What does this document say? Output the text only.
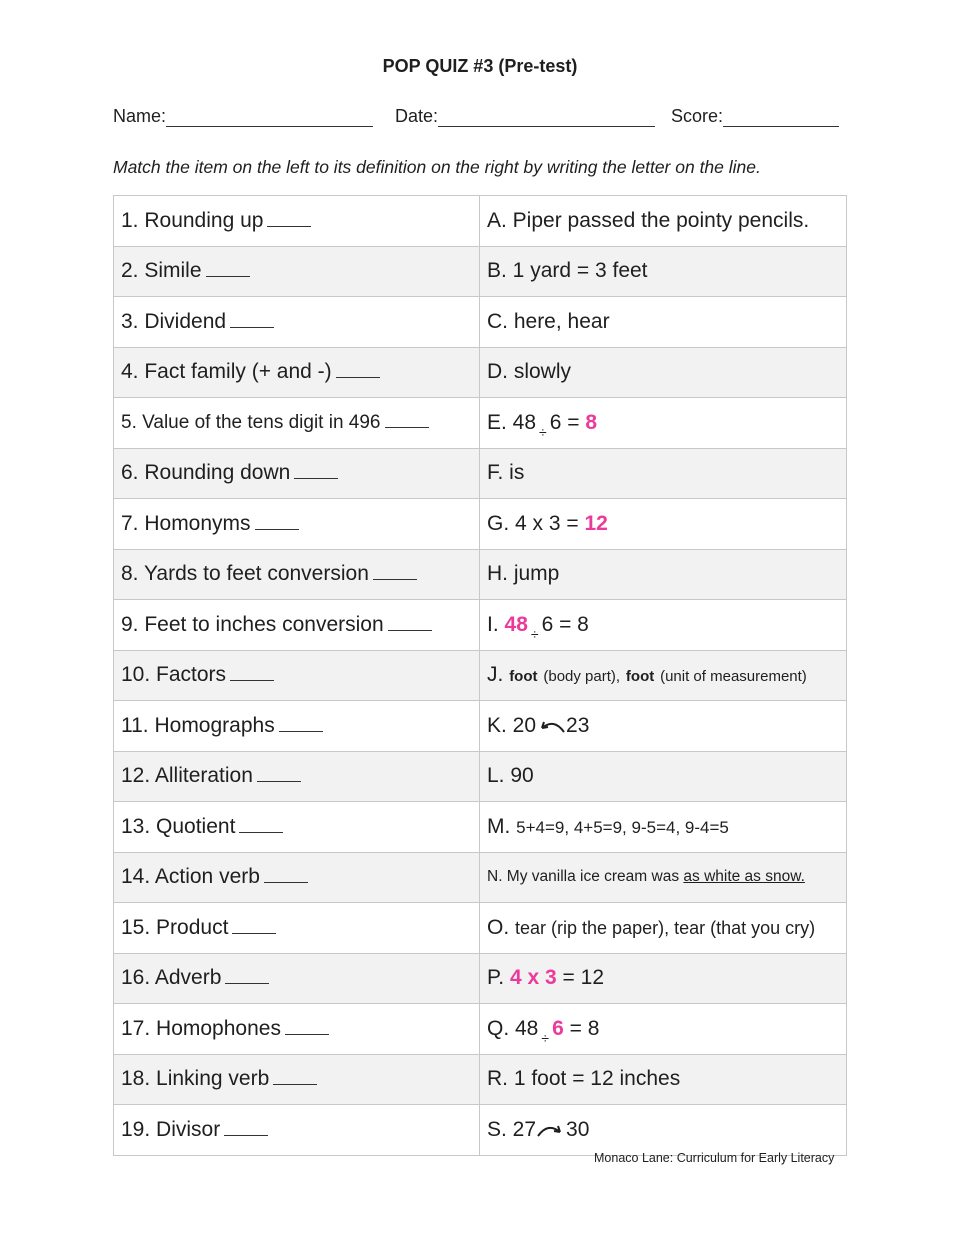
POP QUIZ #3 (Pre-test)
Name:	Date:	Score:
Match the item on the left to its definition on the right by writing the letter on the line.
1. Rounding up	A. Piper passed the pointy pencils.
2. Simile	B. 1 yard = 3 feet
3. Dividend	C. here, hear
4. Fact family (+ and -)	D. slowly
5. Value of the tens digit in 496	E. 48 $_\div$ 6 = 8
6. Rounding down	F. is
7. Homonyms	G. 4 x 3 = 12
8. Yards to feet conversion	H. jump
9. Feet to inches conversion	I. 48 $_\div$ 6 = 8
10. Factors	J. foot (body part), foot (unit of measurement)
11. Homographs	K. 20 23
12. Alliteration	L. 90
13. Quotient	M. 5+4=9, 4+5=9, 9-5=4, 9-4=5
14. Action verb	N. My vanilla ice cream was as white as snow.
15. Product	O. tear (rip the paper), tear (that you cry)
16. Adverb	P. 4 x 3 = 12
17. Homophones	Q. 48 $_\div$ 6 = 8
18. Linking verb	R. 1 foot = 12 inches
19. Divisor	S. 27 30
Monaco Lane: Curriculum for Early Literacy
